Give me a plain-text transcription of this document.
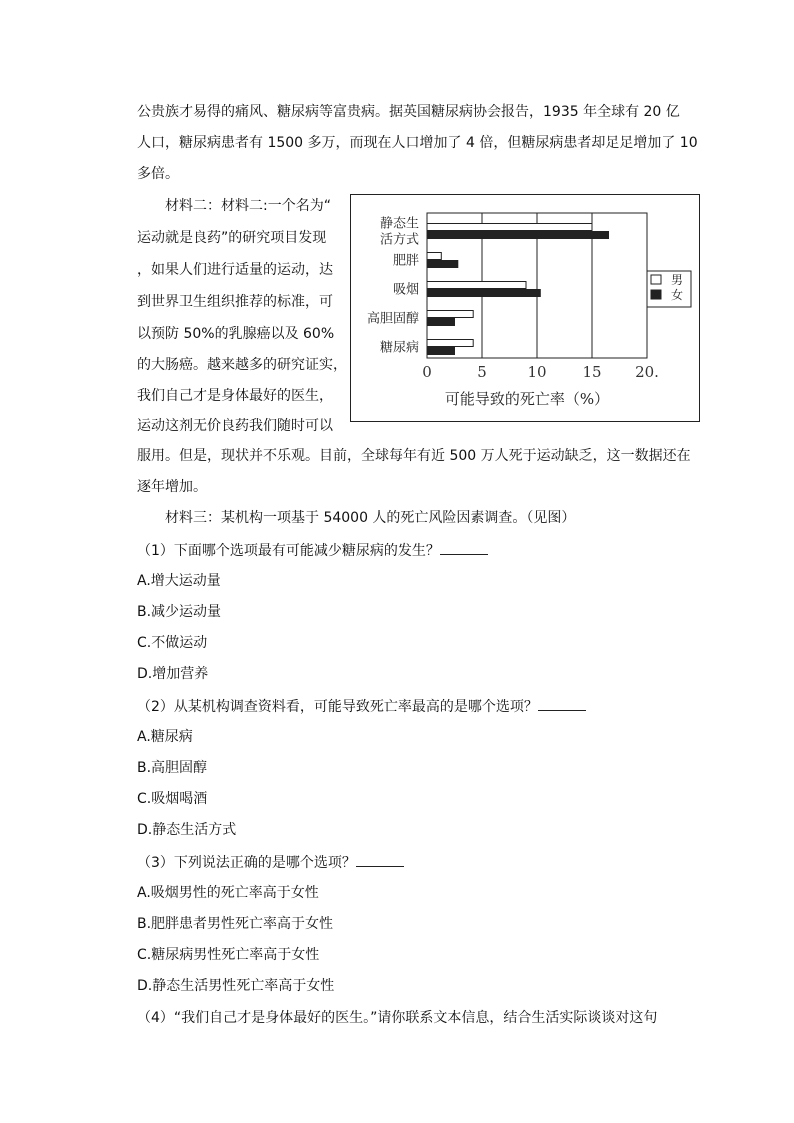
公贵族才易得的痛风、糖尿病等富贵病。据英国糖尿病协会报告，1935 年全球有 20 亿
人口，糖尿病患者有 1500 多万，而现在人口增加了 4 倍，但糖尿病患者却足足增加了 10
多倍。
材料二：材料二:一个名为“
运动就是良药”的研究项目发现
，如果人们进行适量的运动，达
到世界卫生组织推荐的标准，可
以预防 50%的乳腺癌以及 60%
的大肠癌。越来越多的研究证实，
我们自己才是身体最好的医生，
运动这剂无价良药我们随时可以
0	5	10 15 20.
可能导致的死亡率（%）
静态生
活方式
肥胖
吸烟
高胆固醇
糖尿病
男
女
服用。但是，现状并不乐观。目前，全球每年有近 500 万人死于运动缺乏，这一数据还在
逐年增加。
材料三：某机构一项基于 54000 人的死亡风险因素调查。（见图）
（1）下面哪个选项最有可能减少糖尿病的发生？
A.增大运动量
B.减少运动量
C.不做运动
D.增加营养
（2）从某机构调查资料看，可能导致死亡率最高的是哪个选项？
A.糖尿病
B.高胆固醇
C.吸烟喝酒
D.静态生活方式
（3）下列说法正确的是哪个选项？
A.吸烟男性的死亡率高于女性
B.肥胖患者男性死亡率高于女性
C.糖尿病男性死亡率高于女性
D.静态生活男性死亡率高于女性
（4）“我们自己才是身体最好的医生。”请你联系文本信息，结合生活实际谈谈对这句
